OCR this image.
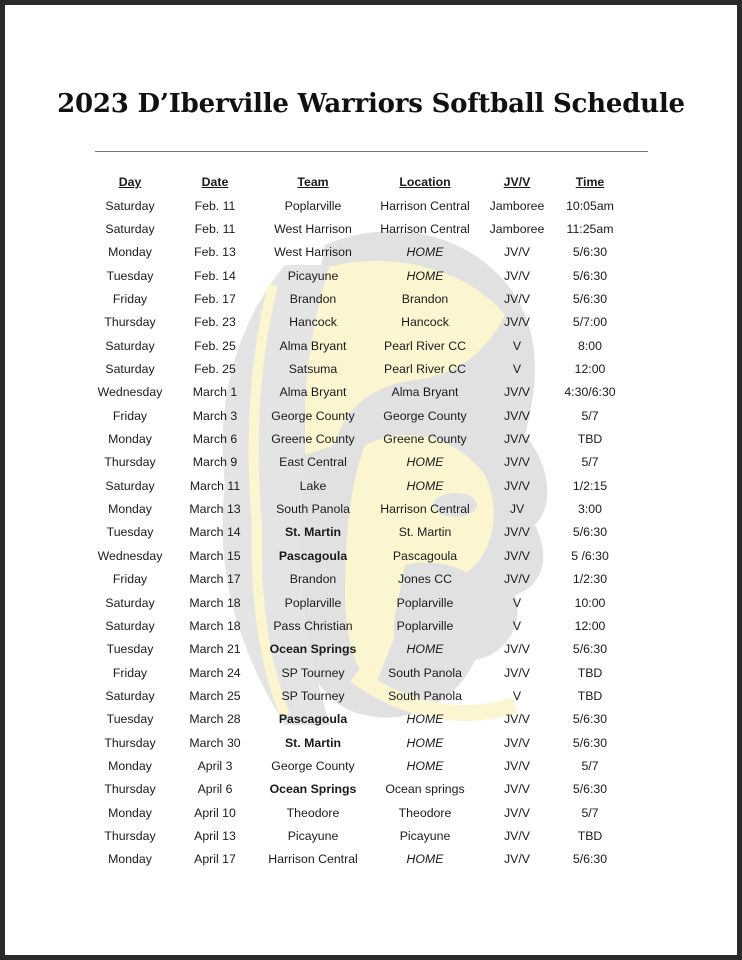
2023 D’Iberville Warriors Softball Schedule
Day	Date	Team	Location	JV/V	Time
Saturday	Feb. 11	Poplarville	Harrison Central	Jamboree	10:05am
Saturday	Feb. 11	West Harrison	Harrison Central	Jamboree	11:25am
Monday	Feb. 13	West Harrison	HOME	JV/V	5/6:30
Tuesday	Feb. 14	Picayune	HOME	JV/V	5/6:30
Friday	Feb. 17	Brandon	Brandon	JV/V	5/6:30
Thursday	Feb. 23	Hancock	Hancock	JV/V	5/7:00
Saturday	Feb. 25	Alma Bryant	Pearl River CC	V	8:00
Saturday	Feb. 25	Satsuma	Pearl River CC	V	12:00
Wednesday	March 1	Alma Bryant	Alma Bryant	JV/V	4:30/6:30
Friday	March 3	George County	George County	JV/V	5/7
Monday	March 6	Greene County	Greene County	JV/V	TBD
Thursday	March 9	East Central	HOME	JV/V	5/7
Saturday	March 11	Lake	HOME	JV/V	1/2:15
Monday	March 13	South Panola	Harrison Central	JV	3:00
Tuesday	March 14	St. Martin	St. Martin	JV/V	5/6:30
Wednesday	March 15	Pascagoula	Pascagoula	JV/V	5 /6:30
Friday	March 17	Brandon	Jones CC	JV/V	1/2:30
Saturday	March 18	Poplarville	Poplarville	V	10:00
Saturday	March 18	Pass Christian	Poplarville	V	12:00
Tuesday	March 21	Ocean Springs	HOME	JV/V	5/6:30
Friday	March 24	SP Tourney	South Panola	JV/V	TBD
Saturday	March 25	SP Tourney	South Panola	V	TBD
Tuesday	March 28	Pascagoula	HOME	JV/V	5/6:30
Thursday	March 30	St. Martin	HOME	JV/V	5/6:30
Monday	April 3	George County	HOME	JV/V	5/7
Thursday	April 6	Ocean Springs	Ocean springs	JV/V	5/6:30
Monday	April 10	Theodore	Theodore	JV/V	5/7
Thursday	April 13	Picayune	Picayune	JV/V	TBD
Monday	April 17	Harrison Central	HOME	JV/V	5/6:30
